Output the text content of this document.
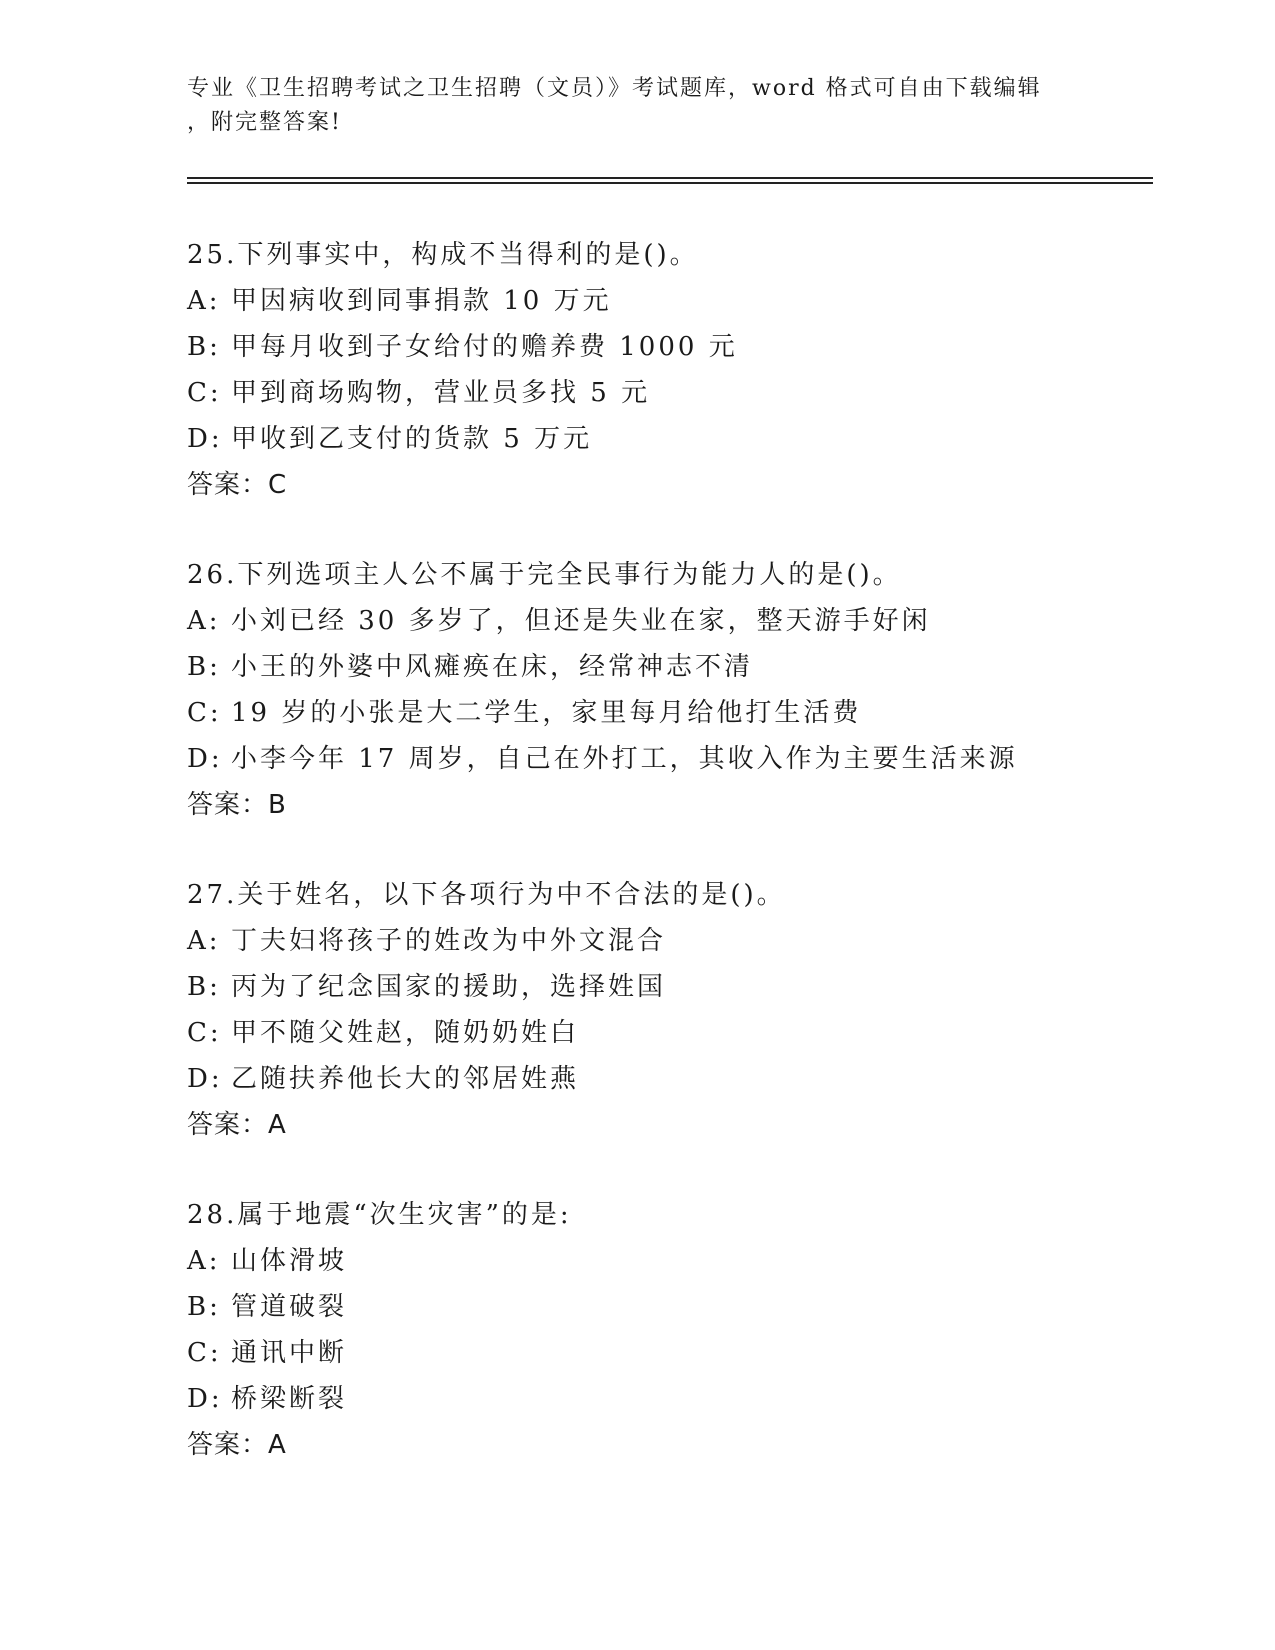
专业《卫生招聘考试之卫生招聘（文员）》考试题库，word 格式可自由下载编辑
，附完整答案!
25.下列事实中，构成不当得利的是()。
A: 甲因病收到同事捐款 10 万元
B: 甲每月收到子女给付的赡养费 1000 元
C: 甲到商场购物，营业员多找 5 元
D: 甲收到乙支付的货款 5 万元
答案：C
26.下列选项主人公不属于完全民事行为能力人的是()。
A: 小刘已经 30 多岁了，但还是失业在家，整天游手好闲
B: 小王的外婆中风瘫痪在床，经常神志不清
C: 19 岁的小张是大二学生，家里每月给他打生活费
D: 小李今年 17 周岁，自己在外打工，其收入作为主要生活来源
答案：B
27.关于姓名，以下各项行为中不合法的是()。
A: 丁夫妇将孩子的姓改为中外文混合
B: 丙为了纪念国家的援助，选择姓国
C: 甲不随父姓赵，随奶奶姓白
D: 乙随扶养他长大的邻居姓燕
答案：A
28.属于地震“次生灾害”的是:
A: 山体滑坡
B: 管道破裂
C: 通讯中断
D: 桥梁断裂
答案：A
